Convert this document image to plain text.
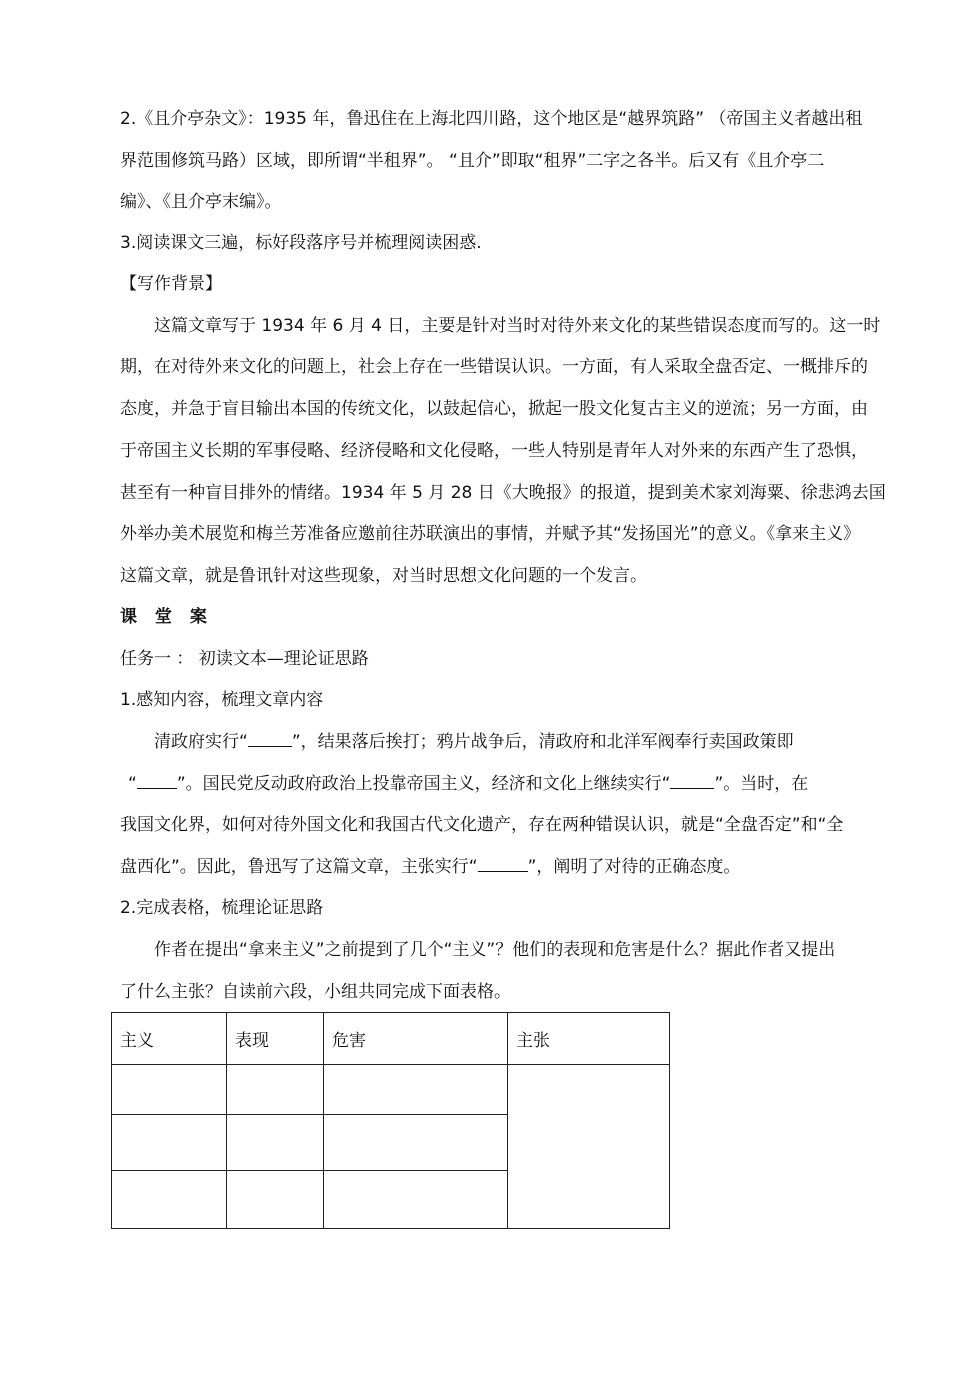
2.《且介亭杂文》：1935 年，鲁迅住在上海北四川路，这个地区是“越界筑路” （帝国主义者越出租
界范围修筑马路）区域，即所谓“半租界”。 “且介”即取“租界”二字之各半。后又有《且介亭二
编》、《且介亭末编》。
3.阅读课文三遍，标好段落序号并梳理阅读困惑.
【写作背景】
这篇文章写于 1934 年 6 月 4 日，主要是针对当时对待外来文化的某些错误态度而写的。这一时
期，在对待外来文化的问题上，社会上存在一些错误认识。一方面，有人采取全盘否定、一概排斥的
态度，并急于盲目输出本国的传统文化，以鼓起信心，掀起一股文化复古主义的逆流；另一方面，由
于帝国主义长期的军事侵略、经济侵略和文化侵略，一些人特别是青年人对外来的东西产生了恐惧，
甚至有一种盲目排外的情绪。1934 年 5 月 28 日《大晚报》的报道，提到美术家刘海粟、徐悲鸿去国
外举办美术展览和梅兰芳准备应邀前往苏联演出的事情，并赋予其“发扬国光”的意义。《拿来主义》
这篇文章，就是鲁讯针对这些现象，对当时思想文化问题的一个发言。
课 堂 案
任务一 ： 初读文本—理论证思路
1.感知内容，梳理文章内容
清政府实行“	”，结果落后挨打；鸦片战争后，清政府和北洋军阀奉行卖国政策即
“ ”。国民党反动政府政治上投靠帝国主义，经济和文化上继续实行“	”。当时，在
我国文化界，如何对待外国文化和我国古代文化遗产，存在两种错误认识，就是“全盘否定”和“全
盘西化”。因此，鲁迅写了这篇文章，主张实行“	”，阐明了对待的正确态度。
2.完成表格，梳理论证思路
作者在提出“拿来主义”之前提到了几个“主义”？他们的表现和危害是什么？据此作者又提出
了什么主张？自读前六段，小组共同完成下面表格。
主义	表现	危害	主张
